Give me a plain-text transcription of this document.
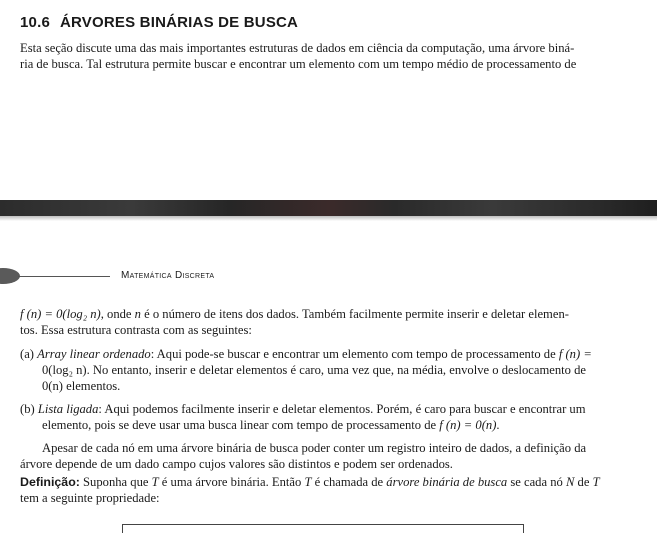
10.6 ÁRVORES BINÁRIAS DE BUSCA

Esta seção discute uma das mais importantes estruturas de dados em ciência da computação, uma árvore biná-
ria de busca. Tal estrutura permite buscar e encontrar um elemento com um tempo médio de processamento de

Matemática Discreta

f (n) = 0(log₂ n), onde n é o número de itens dos dados. Também facilmente permite inserir e deletar elemen-
tos. Essa estrutura contrasta com as seguintes:

(a) Array linear ordenado: Aqui pode-se buscar e encontrar um elemento com tempo de processamento de f (n) =
0(log₂ n). No entanto, inserir e deletar elementos é caro, uma vez que, na média, envolve o deslocamento de
0(n) elementos.
(b) Lista ligada: Aqui podemos facilmente inserir e deletar elementos. Porém, é caro para buscar e encontrar um
elemento, pois se deve usar uma busca linear com tempo de processamento de f (n) = 0(n).

Apesar de cada nó em uma árvore binária de busca poder conter um registro inteiro de dados, a definição da
árvore depende de um dado campo cujos valores são distintos e podem ser ordenados.

Definição: Suponha que T é uma árvore binária. Então T é chamada de árvore binária de busca se cada nó N de T
tem a seguinte propriedade:
